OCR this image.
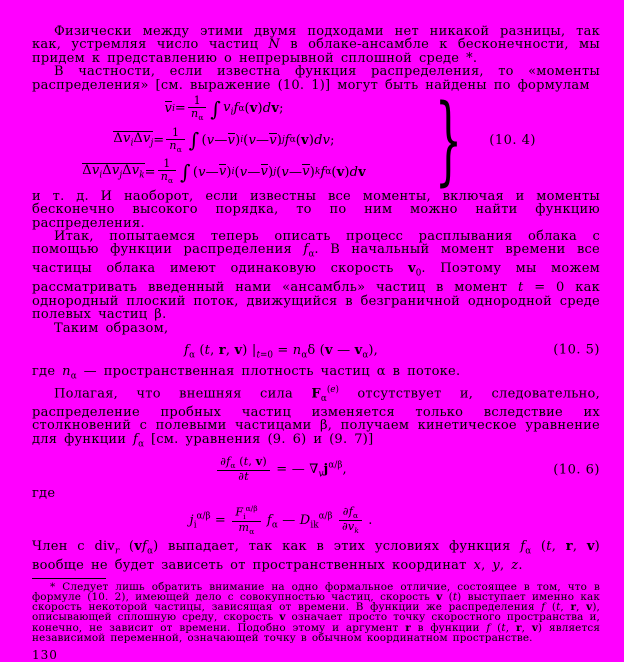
Физически между этими двумя подходами нет никакой разницы, так как, устремляя число частиц N в облаке-ансамбле к бесконечности, мы придем к представлению о непрерывной сплошной среде *.

В частности, если известна функция распределения, то «моменты распределения» [см. выражение (10. 1)] могут быть найдены по формулам

v $i = \frac{1}{n_\alpha}$ ∫ $v_i$ f α ( v ) d v ;
$\Delta v_i\Delta v_j = \frac{1}{n_\alpha}$ ∫ ( v — v ) i ( v — v ) j f α ( v ) dv ;
$\Delta v_i\Delta v_j\Delta v_k = \frac{1}{n_\alpha}$ ∫ ( v — v ) i ( v — v ) j ( v — v ) k f α ( v ) d v } (10. 4)

и т. д. И наоборот, если известны все моменты, включая и моменты бесконечно высокого порядка, то по ним можно найти функцию распределения.

Итак, попытаемся теперь описать процесс расплывания облака с помощью функции распределения $f_\alpha$. В начальный момент времени все частицы облака имеют одинаковую скорость $v_0$. Поэтому мы можем рассматривать введенный нами «ансамбль» частиц в момент t = 0 как однородный плоский поток, движущийся в безграничной однородной среде полевых частиц β.

Таким образом,

$f_\alpha$ (t, r, v) $|_{t=0} = n_\alpha\delta$ (v — $v_\alpha$),	(10. 5)

где $n_\alpha$ — пространственная плотность частиц α в потоке.

Полагая, что внешняя сила $F_\alpha^{(e)}$ отсутствует и, следовательно, распределение пробных частиц изменяется только вследствие их столкновений с полевыми частицами β, получаем кинетическое уравнение для функции $f_\alpha$ [см. уравнения (9. 6) и (9. 7)]

$\frac{\partial f_\alpha (t, v)}{\partial t}$ = — $\nabla_vj^{\alpha/\beta}$,	(10. 6)

где

$j_i^{\alpha/\beta} = \frac{F_i^{\alpha/\beta}}{m_\alpha} f_\alpha$ — $D_{ik}^{\alpha/\beta} \frac{\partial f_\alpha}{\partial v_k}$ .

Член с div$_r$ $(vf_\alpha)$ выпадает, так как в этих условиях функция $f_\alpha$ (t, r, v) вообще не будет зависеть от пространственных координат x, y, z.

* Следует лишь обратить внимание на одно формальное отличие, состоящее в том, что в формуле (10. 2), имеющей дело с совокупностью частиц, скорость v (t) выступает именно как скорость некоторой частицы, зависящая от времени. В функции же распределения f (t, r, v), описывающей сплошную среду, скорость v означает просто точку скоростного пространства и, конечно, не зависит от времени. Подобно этому и аргумент r в функции f (t, r, v) является независимой переменной, означающей точку в обычном координатном пространстве.

130
